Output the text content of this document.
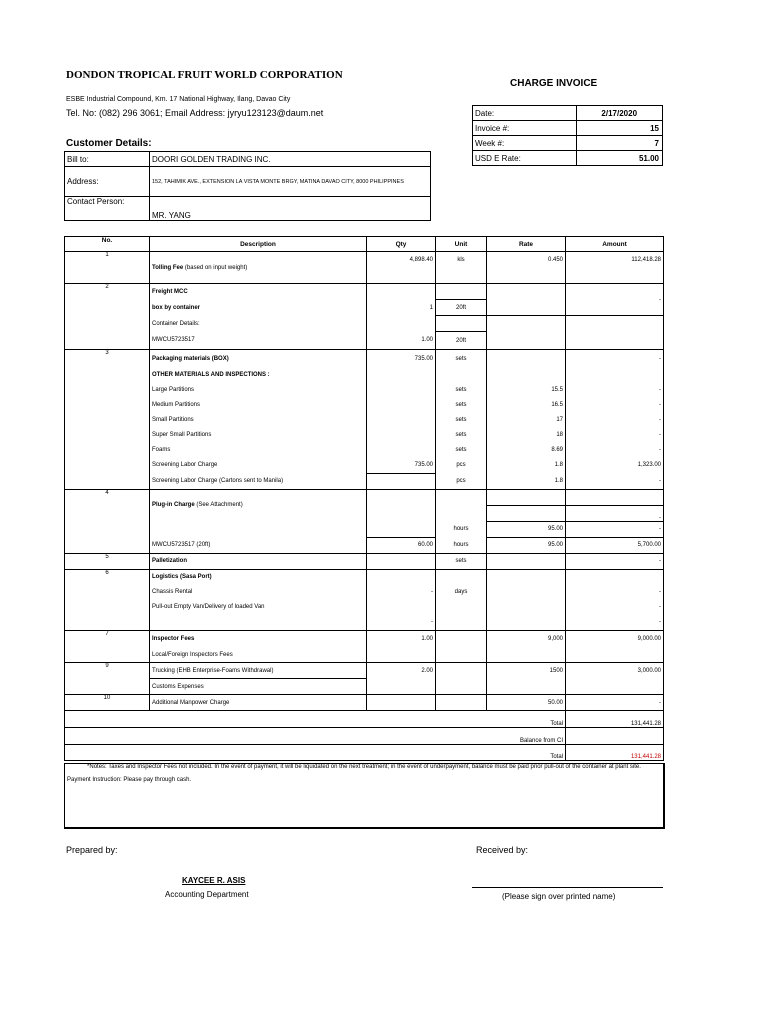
DONDON TROPICAL FRUIT WORLD CORPORATION
ESBE Industrial Compound, Km. 17 National Highway, Ilang, Davao City
Tel. No: (082) 296 3061; Email Address: jyryu123123@daum.net
CHARGE INVOICE
Customer Details:
Date:	2/17/2020
Invoice #:	15
Week #:	7
USD E Rate:	51.00
Bill to:	DOORI GOLDEN TRADING INC.
Address:	152, TAHIMIK AVE., EXTENSION LA VISTA MONTE BRGY, MATINA DAVAO CITY, 8000 PHILIPPINES
Contact Person:	MR. YANG
No.	Description	Qty	Unit	Rate	Amount
1	Tolling Fee (based on input weight)	4,898.40	kls	0.450	112,418.28
2	Freight MCC				-
	box by container	1	20ft		
	Container Details:				
	MWCU5723517	1.00	20ft		
3	Packaging materials (BOX)	735.00	sets		-
	OTHER MATERIALS AND INSPECTIONS :				
	Large Partitions		sets	15.5	-
	Medium Partitions		sets	16.5	-
	Small Partitions		sets	17	-
	Super Small Partitions		sets	18	-
	Foams		sets	8.69	-
	Screening Labor Charge	735.00	pcs	1.8	1,323.00
	Screening Labor Charge (Cartons sent to Manila)		pcs	1.8	-
4	Plug-in Charge (See Attachment)				
					-
			hours	95.00	-
	MWCU5723517 (20ft)	60.00	hours	95.00	5,700.00
5	Palletization		sets		-
6	Logistics (Sasa Port)				
	Chassis Rental	-	days		-
	Pull-out Empty Van/Delivery of loaded Van				-
		-			-
7	Inspector Fees	1.00		9,000	9,000.00
	Local/Foreign Inspectors Fees				
9	Trucking (EHB Enterprise-Foams Withdrawal)	2.00		1500	3,000.00
	Customs Expenses				
10	Additional Manpower Charge			50.00	-
Total					131,441.28
Balance from CI					
Total					131,441.28
*Notes: Taxes and Inspector Fees not included. In the event of payment, it will be liquidated on the next treatment; in the event of underpayment, balance must be paid prior pull-out of the container at plant site.
Payment Instruction: Please pay through cash.
Prepared by:	Received by:
KAYCEE R. ASIS
Accounting Department	(Please sign over printed name)
